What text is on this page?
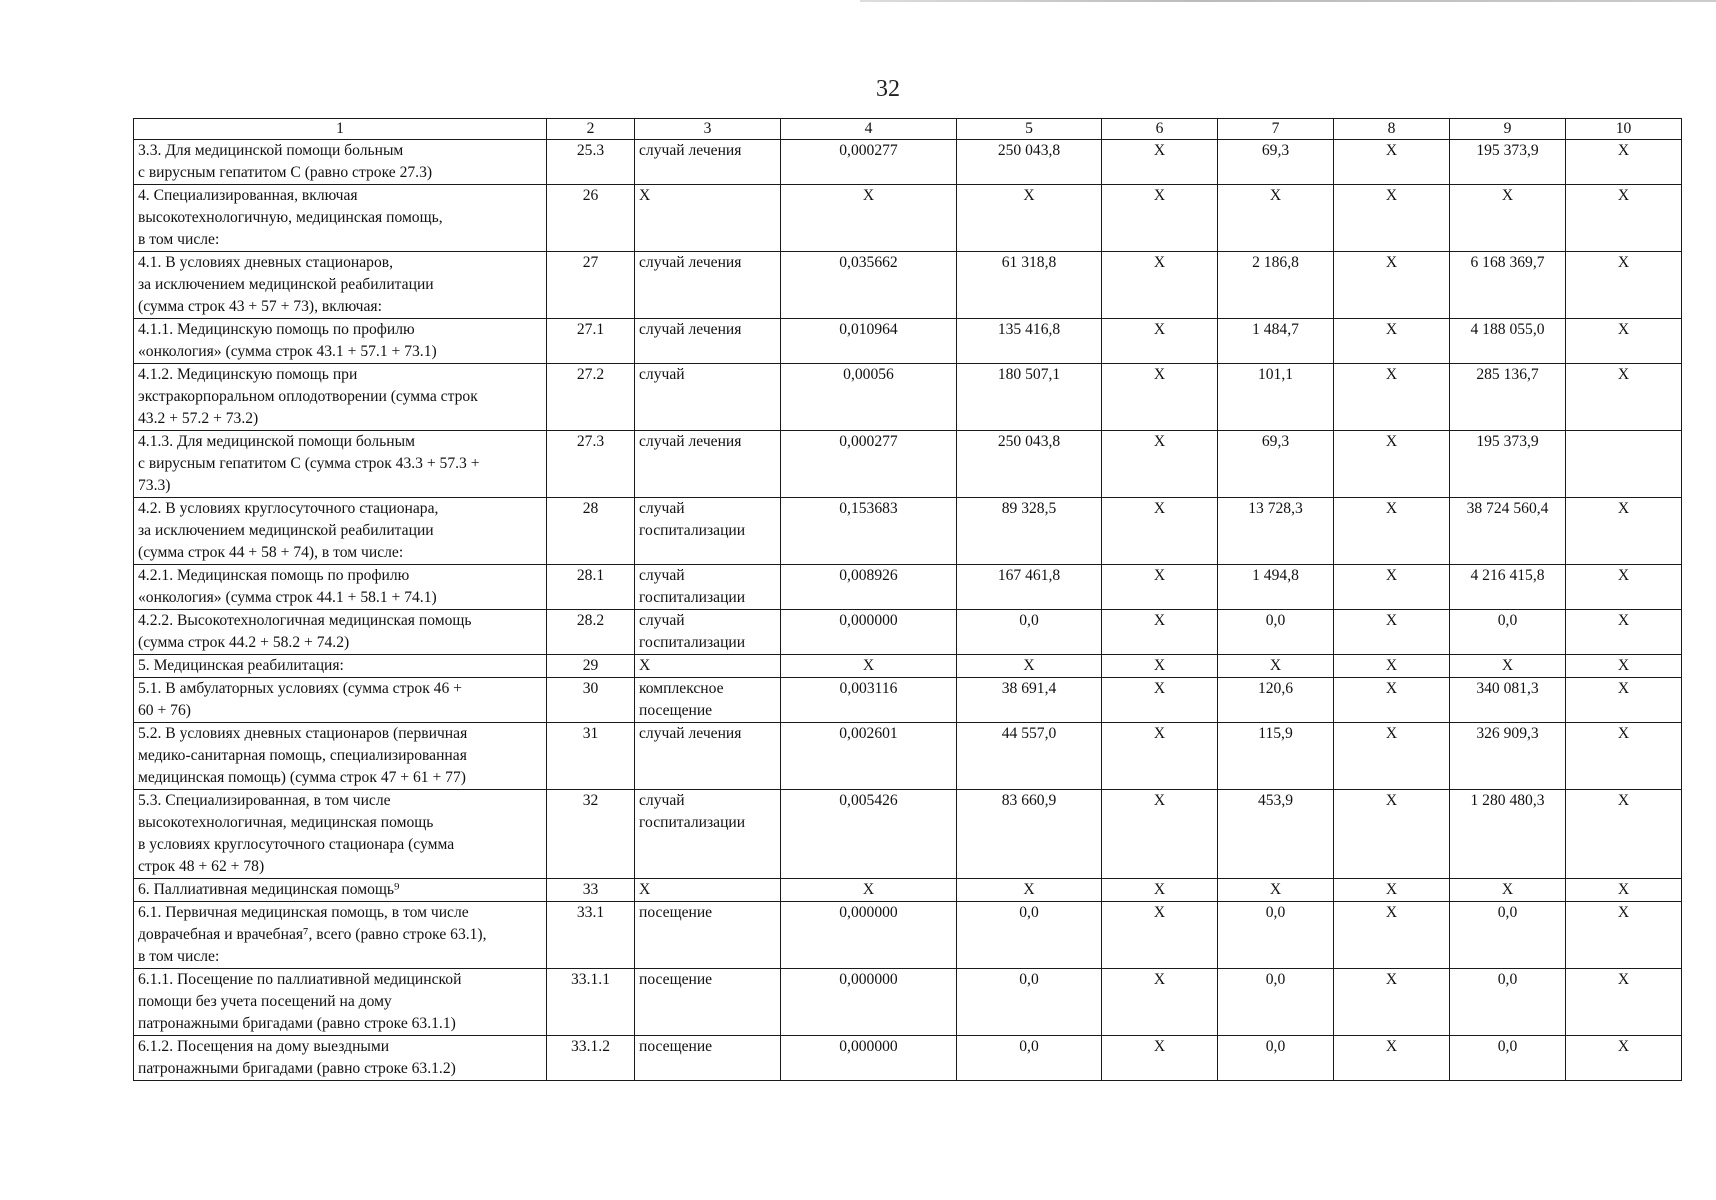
32
1	2	3	4	5	6	7	8	9	10
3.3. Для медицинской помощи больным
с вирусным гепатитом С (равно строке 27.3)	25.3	случай лечения	0,000277	250 043,8	Х	69,3	Х	195 373,9	Х
4. Специализированная, включая
высокотехнологичную, медицинская помощь,
в том числе:	26	Х	Х	Х	Х	Х	Х	Х	Х
4.1. В условиях дневных стационаров,
за исключением медицинской реабилитации
(сумма строк 43 + 57 + 73), включая:	27	случай лечения	0,035662	61 318,8	Х	2 186,8	Х	6 168 369,7	Х
4.1.1. Медицинскую помощь по профилю
«онкология» (сумма строк 43.1 + 57.1 + 73.1)	27.1	случай лечения	0,010964	135 416,8	Х	1 484,7	Х	4 188 055,0	Х
4.1.2. Медицинскую помощь при
экстракорпоральном оплодотворении (сумма строк
43.2 + 57.2 + 73.2)	27.2	случай	0,00056	180 507,1	Х	101,1	Х	285 136,7	Х
4.1.3. Для медицинской помощи больным
с вирусным гепатитом С (сумма строк 43.3 + 57.3 +
73.3)	27.3	случай лечения	0,000277	250 043,8	Х	69,3	Х	195 373,9	
4.2. В условиях круглосуточного стационара,
за исключением медицинской реабилитации
(сумма строк 44 + 58 + 74), в том числе:	28	случай
госпитализации	0,153683	89 328,5	Х	13 728,3	Х	38 724 560,4	Х
4.2.1. Медицинская помощь по профилю
«онкология» (сумма строк 44.1 + 58.1 + 74.1)	28.1	случай
госпитализации	0,008926	167 461,8	Х	1 494,8	Х	4 216 415,8	Х
4.2.2. Высокотехнологичная медицинская помощь
(сумма строк 44.2 + 58.2 + 74.2)	28.2	случай
госпитализации	0,000000	0,0	Х	0,0	Х	0,0	Х
5. Медицинская реабилитация:	29	Х	Х	Х	Х	Х	Х	Х	Х
5.1. В амбулаторных условиях (сумма строк 46 +
60 + 76)	30	комплексное
посещение	0,003116	38 691,4	Х	120,6	Х	340 081,3	Х
5.2. В условиях дневных стационаров (первичная
медико-санитарная помощь, специализированная
медицинская помощь) (сумма строк 47 + 61 + 77)	31	случай лечения	0,002601	44 557,0	Х	115,9	Х	326 909,3	Х
5.3. Специализированная, в том числе
высокотехнологичная, медицинская помощь
в условиях круглосуточного стационара (сумма
строк 48 + 62 + 78)	32	случай
госпитализации	0,005426	83 660,9	Х	453,9	Х	1 280 480,3	Х
6. Паллиативная медицинская помощь⁹	33	Х	Х	Х	Х	Х	Х	Х	Х
6.1. Первичная медицинская помощь, в том числе
доврачебная и врачебная⁷, всего (равно строке 63.1),
в том числе:	33.1	посещение	0,000000	0,0	Х	0,0	Х	0,0	Х
6.1.1. Посещение по паллиативной медицинской
помощи без учета посещений на дому
патронажными бригадами (равно строке 63.1.1)	33.1.1	посещение	0,000000	0,0	Х	0,0	Х	0,0	Х
6.1.2. Посещения на дому выездными
патронажными бригадами (равно строке 63.1.2)	33.1.2	посещение	0,000000	0,0	Х	0,0	Х	0,0	Х
